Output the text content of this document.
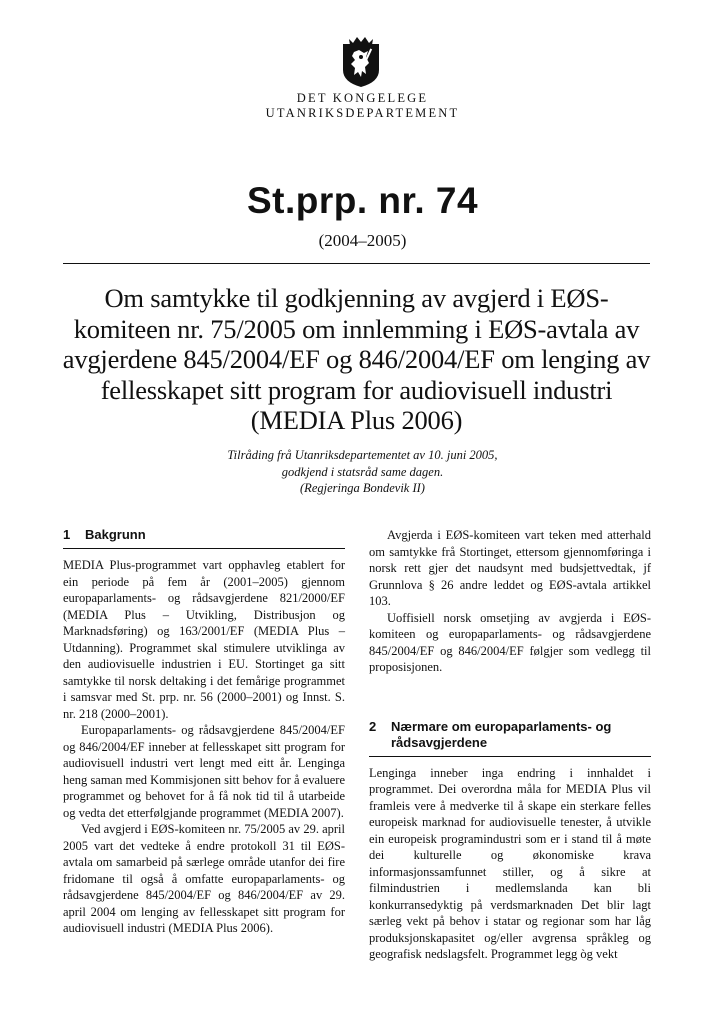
DET KONGELEGE
UTANRIKSDEPARTEMENT
St.prp. nr. 74
(2004–2005)
Om samtykke til godkjenning av avgjerd i EØS-komiteen nr. 75/2005 om innlemming i EØS-avtala av avgjerdene 845/2004/EF og 846/2004/EF om lenging av fellesskapet sitt program for audiovisuell industri (MEDIA Plus 2006)
Tilråding frå Utanriksdepartementet av 10. juni 2005,
godkjend i statsråd same dagen.
(Regjeringa Bondevik II)
1	Bakgrunn

MEDIA Plus-programmet vart opphavleg etablert for ein periode på fem år (2001–2005) gjennom europaparlaments- og rådsavgjerdene 821/2000/EF (MEDIA Plus – Utvikling, Distribusjon og Marknadsføring) og 163/2001/EF (MEDIA Plus – Utdanning). Programmet skal stimulere utviklinga av den audiovisuelle industrien i EU. Stortinget ga sitt samtykke til norsk deltaking i det femårige programmet i samsvar med St. prp. nr. 56 (2000–2001) og Innst. S. nr. 218 (2000–2001).

Europaparlaments- og rådsavgjerdene 845/2004/EF og 846/2004/EF inneber at fellesskapet sitt program for audiovisuell industri vert lengt med eitt år. Lenginga heng saman med Kommisjonen sitt behov for å evaluere programmet og behovet for å få nok tid til å utarbeide og vedta det etterfølgjande programmet (MEDIA 2007).

Ved avgjerd i EØS-komiteen nr. 75/2005 av 29. april 2005 vart det vedteke å endre protokoll 31 til EØS-avtala om samarbeid på særlege område utanfor dei fire fridomane til også å omfatte europaparlaments- og rådsavgjerdene 845/2004/EF og 846/2004/EF av 29. april 2004 om lenging av fellesskapet sitt program for audiovisuell industri (MEDIA Plus 2006).

Avgjerda i EØS-komiteen vart teken med atterhald om samtykke frå Stortinget, ettersom gjennomføringa i norsk rett gjer det naudsynt med budsjettvedtak, jf Grunnlova § 26 andre leddet og EØS-avtala artikkel 103.

Uoffisiell norsk omsetjing av avgjerda i EØS-komiteen og europaparlaments- og rådsavgjerdene 845/2004/EF og 846/2004/EF følgjer som vedlegg til proposisjonen.

2	Nærmare om europaparlaments- og rådsavgjerdene

Lenginga inneber inga endring i innhaldet i programmet. Dei overordna måla for MEDIA Plus vil framleis vere å medverke til å skape ein sterkare felles europeisk marknad for audiovisuelle tenester, å utvikle ein europeisk programindustri som er i stand til å møte dei kulturelle og økonomiske krava informasjonssamfunnet stiller, og å sikre at filmindustrien i medlemslanda kan bli konkurransedyktig på verdsmarknaden Det blir lagt særleg vekt på behov i statar og regionar som har låg produksjonskapasitet og/eller avgrensa språkleg og geografisk nedslagsfelt. Programmet legg òg vekt
